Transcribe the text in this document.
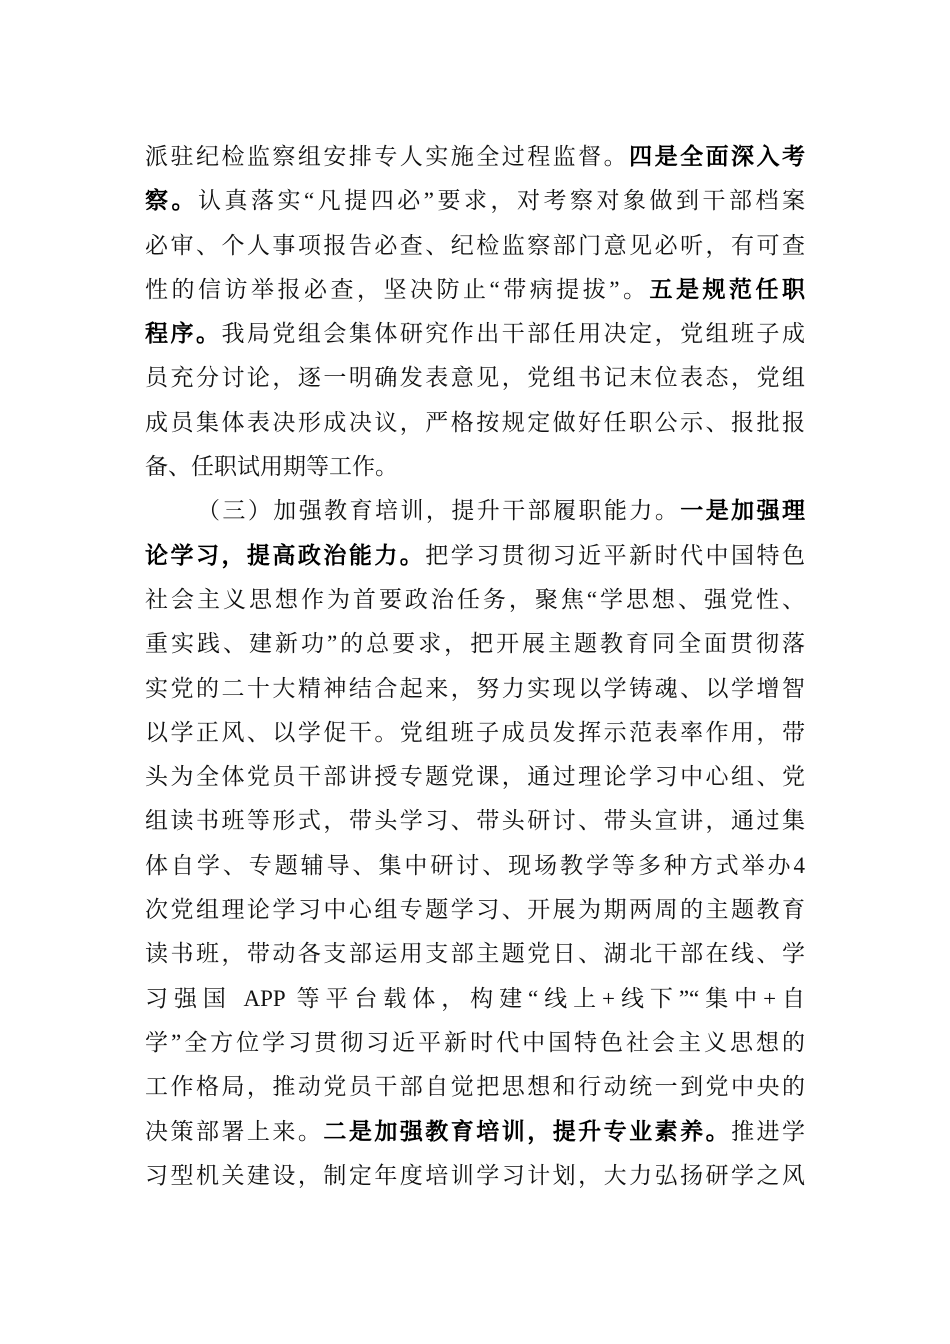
派驻纪检监察组安排专人实施全过程监督。四是全面深入考
察。认真落实“凡提四必”要求，对考察对象做到干部档案
必审、个人事项报告必查、纪检监察部门意见必听，有可查
性的信访举报必查，坚决防止“带病提拔”。五是规范任职
程序。我局党组会集体研究作出干部任用决定，党组班子成
员充分讨论，逐一明确发表意见，党组书记末位表态，党组
成员集体表决形成决议，严格按规定做好任职公示、报批报
备、任职试用期等工作。
（三）加强教育培训，提升干部履职能力。一是加强理
论学习，提高政治能力。把学习贯彻习近平新时代中国特色
社会主义思想作为首要政治任务，聚焦“学思想、强党性、
重实践、建新功”的总要求，把开展主题教育同全面贯彻落
实党的二十大精神结合起来，努力实现以学铸魂、以学增智
以学正风、以学促干。党组班子成员发挥示范表率作用，带
头为全体党员干部讲授专题党课，通过理论学习中心组、党
组读书班等形式，带头学习、带头研讨、带头宣讲，通过集
体自学、专题辅导、集中研讨、现场教学等多种方式举办4
次党组理论学习中心组专题学习、开展为期两周的主题教育
读书班，带动各支部运用支部主题党日、湖北干部在线、学
习强国 APP 等平台载体，构建“线上+线下”“集中+自
学”全方位学习贯彻习近平新时代中国特色社会主义思想的
工作格局，推动党员干部自觉把思想和行动统一到党中央的
决策部署上来。二是加强教育培训，提升专业素养。推进学
习型机关建设，制定年度培训学习计划，大力弘扬研学之风
